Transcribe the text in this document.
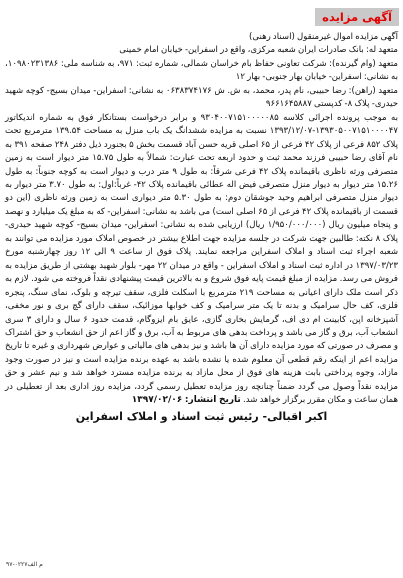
آگهی مزایده

آگهی مزایده اموال غیرمنقول (اسناد رهنی)

متعهد له: بانک صادرات ایران شعبه مرکزی، واقع در اسفراین- خیابان امام خمینی

متعهد (وام گیرنده): شرکت تعاونی حفاظ بام خراسان شمالی، شماره ثبت: ۹۷۱، به شناسه ملی: ۱۰۹۸۰۲۳۱۳۸۶، به نشانی: اسفراین- خیابان بهار جنوبی- بهار ۱۲

متعهد (راهن): رضا حبیبی، نام پدر، محمد، به ش. ش ۰۶۳۸۳۷۴۱۷۶ به نشانی: اسفراین- میدان بسیج- کوچه شهید حیدری- پلاک ۸- کدپستی ۹۶۶۱۶۴۵۸۸۷

به موجب پرونده اجرائی کلاسه ۹۳۰۴۰۰۷۱۵۱۰۰۰۰۰۸۵ و برابر درخواست بستانکار فوق به شماره اندیکاتور ۱۳۹۳۰۵۰۰۷۱۵۱۰۰۰۰۴۷-۱۳۹۳/۱۲/۰۷ نسبت به مزایده ششدانگ یک باب منزل به مساحت ۱۳۹.۵۴ مترمربع تحت پلاک ۸۵۲ فرعی از پلاک ۴۲ فرعی از ۶۵ اصلی قریه حسن آباد قسمت بخش ۵ بجنورد ذیل دفتر ۲۴۸ صفحه ۳۹۱ به نام آقای رضا حبیبی فرزند محمد ثبت و حدود اربعه تحت عبارت: شمالاً به طول ۱۵.۷۵ متر دیوار است به زمین متصرفی ورثه ناظری باقیمانده پلاک ۴۲ فرعی شرقاً: به طول ۹ متر درب و دیوار است به کوچه جنوباً: به طول ۱۵.۲۶ متر دیوار به دیوار منزل متصرفی فیض اله عطائی باقیمانده پلاک ۴۲- غرباً:اول: به طول ۳.۷۰ متر دیوار به دیوار منزل متصرفی ابراهیم وحید جوشقان دوم: به طول ۵.۳۰ متر دیواری است به زمین ورثه ناظری (این دو قسمت از باقیمانده پلاک ۴۲ فرعی از ۶۵ اصلی است) می باشد به نشانی: اسفراین- که به مبلغ یک میلیارد و نهصد و پنجاه میلیون ریال (۱/۹۵۰/۰۰۰/۰۰۰ ریال) ارزیابی شده به نشانی: اسفراین- میدان بسیج- کوچه شهید حیدری- پلاک ۸ نکته: طالبین جهت شرکت در جلسه مزایده جهت اطلاع بیشتر در خصوص املاک مورد مزایده می توانند به شعبه اجراء ثبت اسناد و املاک اسفراین مراجعه نمایند. پلاک فوق از ساعت ۹ الی ۱۲ روز چهارشنبه مورخ ۱۳۹۷/۰۳/۲۳ در اداره ثبت اسناد و املاک اسفراین - واقع در میدان ۲۲ مهر- بلوار شهید بهشتی از طریق مزایده به فروش می رسد. مزایده از مبلغ قیمت پایه فوق شروع و به بالاترین قیمت پیشنهادی نقداً فروخته می شود. لازم به ذکر است ملک دارای اعیانی به مساحت ۲۱۹ مترمربع با اسکلت فلزی، سقف تیرچه و بلوک، نمای سنگ، پنجره فلزی، کف حال سرامیک و بدنه تا یک متر سرامیک و کف خوابها موزائیک، سقف دارای گچ بری و نور مخفی، آشپزخانه اپن، کابینت ام دی اف، گرمایش بخاری گازی، عایق بام ایزوگام، قدمت حدود ۶ سال و دارای ۳ سری انشعاب آب، برق و گاز می باشد و پرداخت بدهی های مربوط به آب، برق و گاز اعم از حق انشعاب و حق اشتراک و مصرف در صورتی که مورد مزایده دارای آن ها باشد و نیز بدهی های مالیاتی و عوارض شهرداری و غیره تا تاریخ مزایده اعم از اینکه رقم قطعی آن معلوم شده یا نشده باشد به عهده برنده مزایده است و نیز در صورت وجود مازاد، وجوه پرداختی بابت هزینه های فوق از محل مازاد به برنده مزایده مسترد خواهد شد و نیم عشر و حق مزایده نقداً وصول می گردد ضمناً چنانچه روز مزایده تعطیل رسمی گردد، مزایده روز اداری بعد از تعطیلی در همان ساعت و مکان مقرر برگزار خواهد شد. تاریخ انتشار: ۱۳۹۷/۰۲/۰۶

اکبر اقبالی- رئیس ثبت اسناد و املاک اسفراین
۹۷-۰۲۲۷م الف
